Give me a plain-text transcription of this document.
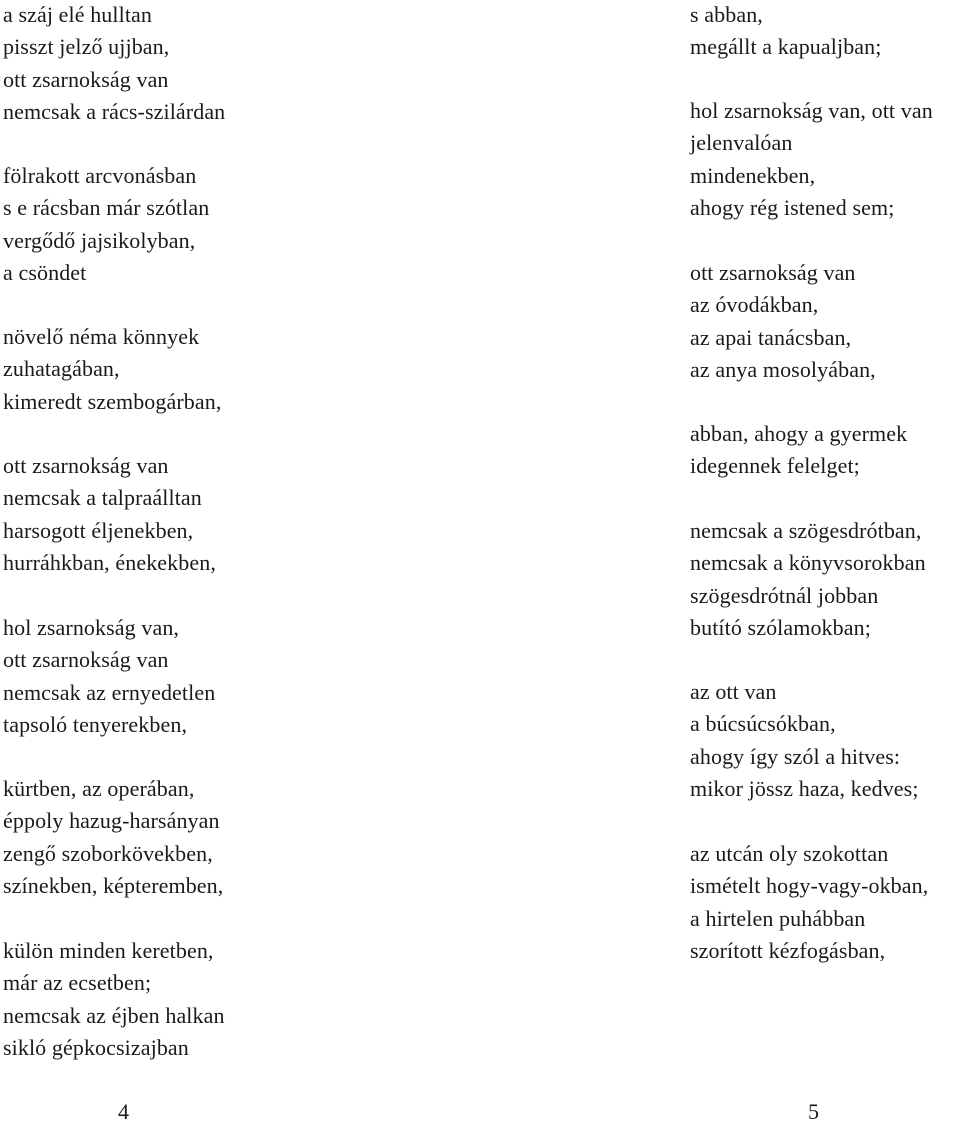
a száj elé hulltan
pisszt jelző ujjban,
ott zsarnokság van
nemcsak a rács-szilárdan
fölrakott arcvonásban
s e rácsban már szótlan
vergődő jajsikolyban,
a csöndet
növelő néma könnyek
zuhatagában,
kimeredt szembogárban,
ott zsarnokság van
nemcsak a talpraálltan
harsogott éljenekben,
hurráhkban, énekekben,
hol zsarnokság van,
ott zsarnokság van
nemcsak az ernyedetlen
tapsoló tenyerekben,
kürtben, az operában,
éppoly hazug-harsányan
zengő szoborkövekben,
színekben, képteremben,
külön minden keretben,
már az ecsetben;
nemcsak az éjben halkan
sikló gépkocsizajban
4
s abban,
megállt a kapualjban;
hol zsarnokság van, ott van
jelenvalóan
mindenekben,
ahogy rég istened sem;
ott zsarnokság van
az óvodákban,
az apai tanácsban,
az anya mosolyában,
abban, ahogy a gyermek
idegennek felelget;
nemcsak a szögesdrótban,
nemcsak a könyvsorokban
szögesdrótnál jobban
butító szólamokban;
az ott van
a búcsúcsókban,
ahogy így szól a hitves:
mikor jössz haza, kedves;
az utcán oly szokottan
ismételt hogy-vagy-okban,
a hirtelen puhábban
szorított kézfogásban,
5
